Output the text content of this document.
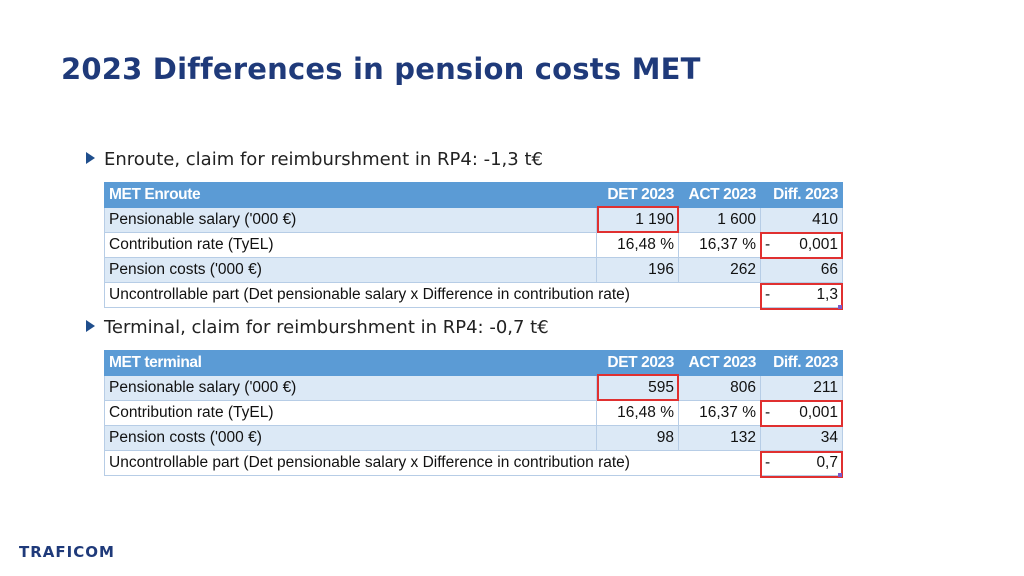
2023 Differences in pension costs MET
Enroute, claim for reimburshment in RP4: -1,3 t€
MET Enroute	DET 2023	ACT 2023	Diff. 2023
Pensionable salary ('000 €)	1 190	1 600	410
Contribution rate (TyEL)	16,48 %	16,37 %	- 0,001
Pension costs ('000 €)	196	262	66
Uncontrollable part (Det pensionable salary x Difference in contribution rate)			- 1,3
Terminal, claim for reimburshment in RP4: -0,7 t€
MET terminal	DET 2023	ACT 2023	Diff. 2023
Pensionable salary ('000 €)	595	806	211
Contribution rate (TyEL)	16,48 %	16,37 %	- 0,001
Pension costs ('000 €)	98	132	34
Uncontrollable part (Det pensionable salary x Difference in contribution rate)			- 0,7
TRAFICOM
